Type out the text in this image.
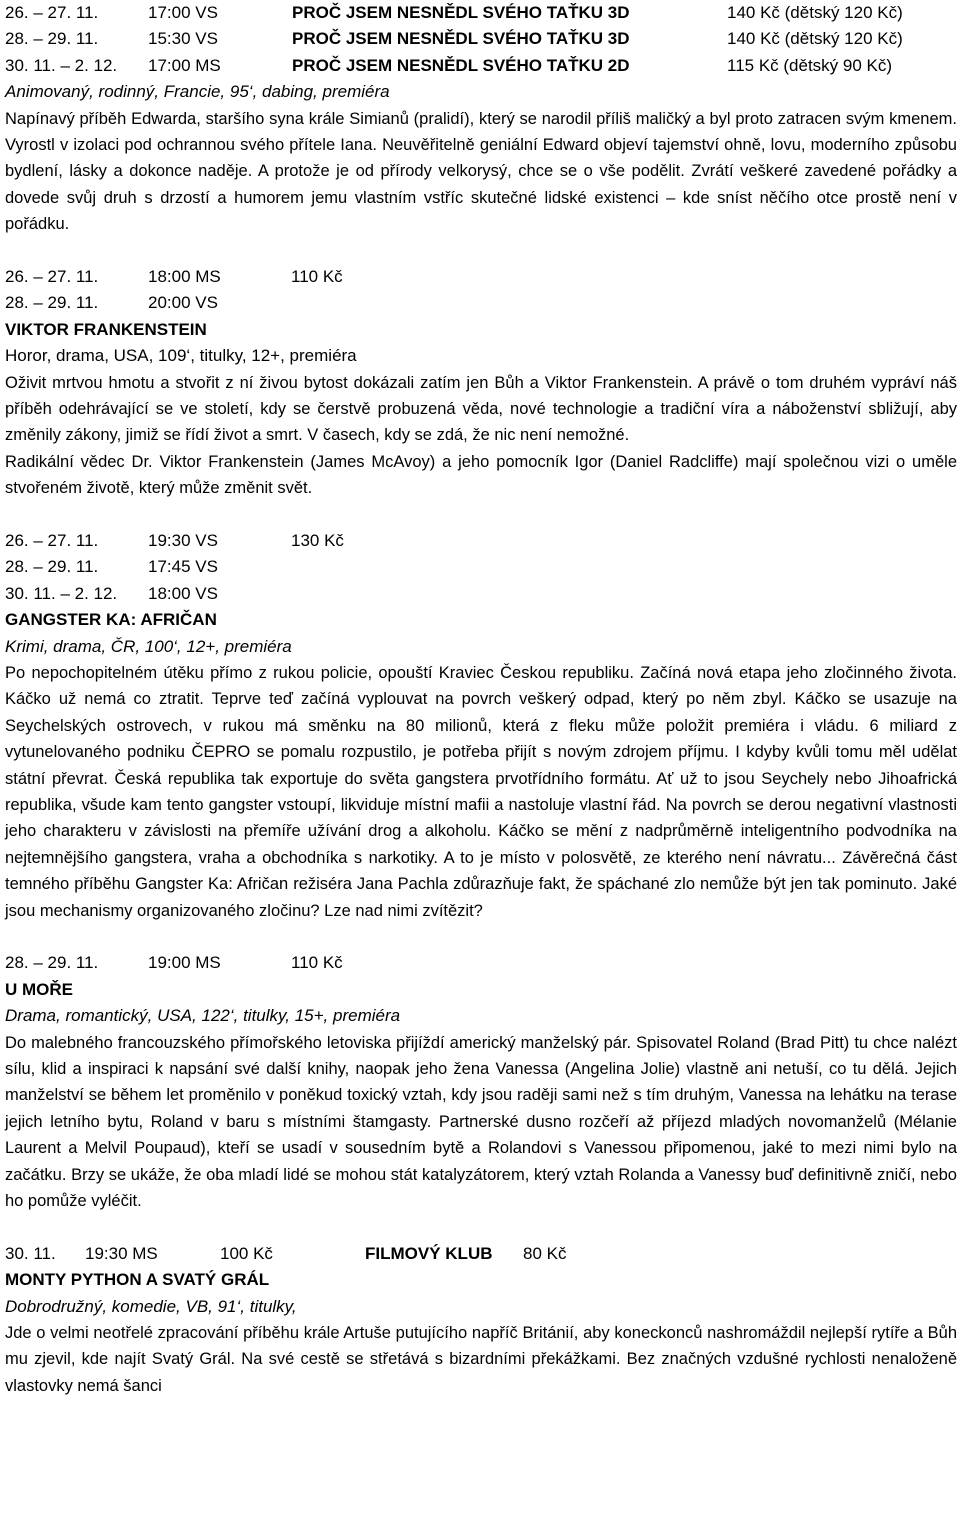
26. – 27. 11.	17:00 VS	PROČ JSEM NESNĚDL SVÉHO TAŤKU 3D	140 Kč (dětský 120 Kč)
28. – 29. 11.	15:30 VS	PROČ JSEM NESNĚDL SVÉHO TAŤKU 3D	140 Kč (dětský 120 Kč)
30. 11. – 2. 12. 17:00 MS	PROČ JSEM NESNĚDL SVÉHO TAŤKU 2D	115 Kč (dětský 90 Kč)
Animovaný, rodinný, Francie, 95‘, dabing, premiéra
Napínavý příběh Edwarda, staršího syna krále Simianů (pralidí), který se narodil příliš maličký a byl proto zatracen svým kmenem. Vyrostl v izolaci pod ochrannou svého přítele Iana. Neuvěřitelně geniální Edward objeví tajemství ohně, lovu, moderního způsobu bydlení, lásky a dokonce naděje. A protože je od přírody velkorysý, chce se o vše podělit. Zvrátí veškeré zavedené pořádky a dovede svůj druh s drzostí a humorem jemu vlastním vstříc skutečné lidské existenci – kde sníst něčího otce prostě není v pořádku.
26. – 27. 11.	18:00 MS	110 Kč
28. – 29. 11.	20:00 VS
VIKTOR FRANKENSTEIN
Horor, drama, USA, 109‘, titulky, 12+, premiéra
Oživit mrtvou hmotu a stvořit z ní živou bytost dokázali zatím jen Bůh a Viktor Frankenstein. A právě o tom druhém vypráví náš příběh odehrávající se ve století, kdy se čerstvě probuzená věda, nové technologie a tradiční víra a náboženství sbližují, aby změnily zákony, jimiž se řídí život a smrt. V časech, kdy se zdá, že nic není nemožné.
Radikální vědec Dr. Viktor Frankenstein (James McAvoy) a jeho pomocník Igor (Daniel Radcliffe) mají společnou vizi o uměle stvořeném životě, který může změnit svět.
26. – 27. 11.	19:30 VS	130 Kč
28. – 29. 11.	17:45 VS
30. 11. – 2. 12. 18:00 VS
GANGSTER KA: AFRIČAN
Krimi, drama, ČR, 100‘, 12+, premiéra
Po nepochopitelném útěku přímo z rukou policie, opouští Kraviec Českou republiku. Začíná nová etapa jeho zločinného života. Káčko už nemá co ztratit. Teprve teď začíná vyplouvat na povrch veškerý odpad, který po něm zbyl. Káčko se usazuje na Seychelských ostrovech, v rukou má směnku na 80 milionů, která z fleku může položit premiéra i vládu. 6 miliard z vytunelovaného podniku ČEPRO se pomalu rozpustilo, je potřeba přijít s novým zdrojem příjmu. I kdyby kvůli tomu měl udělat státní převrat. Česká republika tak exportuje do světa gangstera prvotřídního formátu. Ať už to jsou Seychely nebo Jihoafrická republika, všude kam tento gangster vstoupí, likviduje místní mafii a nastoluje vlastní řád. Na povrch se derou negativní vlastnosti jeho charakteru v závislosti na přemíře užívání drog a alkoholu. Káčko se mění z nadprůměrně inteligentního podvodníka na nejtemnějšího gangstera, vraha a obchodníka s narkotiky. A to je místo v polosvětě, ze kterého není návratu... Závěrečná část temného příběhu Gangster Ka: Afričan režiséra Jana Pachla zdůrazňuje fakt, že spáchané zlo nemůže být jen tak pominuto. Jaké jsou mechanismy organizovaného zločinu? Lze nad nimi zvítězit?
28. – 29. 11.	19:00 MS	110 Kč
U MOŘE
Drama, romantický, USA, 122‘, titulky, 15+, premiéra
Do malebného francouzského přímořského letoviska přijíždí americký manželský pár. Spisovatel Roland (Brad Pitt) tu chce nalézt sílu, klid a inspiraci k napsání své další knihy, naopak jeho žena Vanessa (Angelina Jolie) vlastně ani netuší, co tu dělá. Jejich manželství se během let proměnilo v poněkud toxický vztah, kdy jsou raději sami než s tím druhým, Vanessa na lehátku na terase jejich letního bytu, Roland v baru s místními štamgasty. Partnerské dusno rozčeří až příjezd mladých novomanželů (Mélanie Laurent a Melvil Poupaud), kteří se usadí v sousedním bytě a Rolandovi s Vanessou připomenou, jaké to mezi nimi bylo na začátku. Brzy se ukáže, že oba mladí lidé se mohou stát katalyzátorem, který vztah Rolanda a Vanessy buď definitivně zničí, nebo ho pomůže vyléčit.
30. 11. 19:30 MS	100 Kč	FILMOVÝ KLUB 80 Kč
MONTY PYTHON A SVATÝ GRÁL
Dobrodružný, komedie, VB, 91‘, titulky,
Jde o velmi neotřelé zpracování příběhu krále Artuše putujícího napříč Británií, aby koneckonců nashromáždil nejlepší rytíře a Bůh mu zjevil, kde najít Svatý Grál. Na své cestě se střetává s bizardními překážkami. Bez značných vzdušné rychlosti nenaloženě vlastovky nemá šanci
